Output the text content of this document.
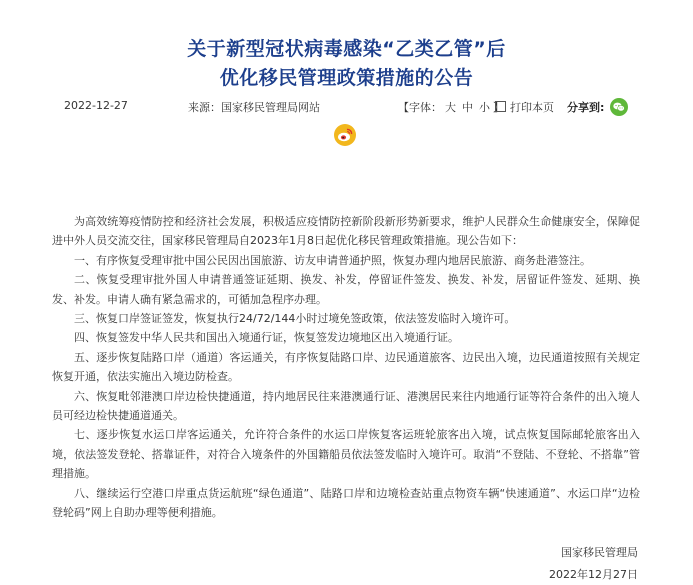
关于新型冠状病毒感染“乙类乙管”后
优化移民管理政策措施的公告
2022-12-27	来源：国家移民管理局网站	【字体： 大 中 小 】 打印本页 分享到:

为高效统筹疫情防控和经济社会发展，积极适应疫情防控新阶段新形势新要求，维护人民群众生命健康安全，保障促进中外人员交流交往，国家移民管理局自2023年1月8日起优化移民管理政策措施。现公告如下：

一、有序恢复受理审批中国公民因出国旅游、访友申请普通护照，恢复办理内地居民旅游、商务赴港签注。

二、恢复受理审批外国人申请普通签证延期、换发、补发，停留证件签发、换发、补发，居留证件签发、延期、换发、补发。申请人确有紧急需求的，可循加急程序办理。

三、恢复口岸签证签发，恢复执行24/72/144小时过境免签政策，依法签发临时入境许可。

四、恢复签发中华人民共和国出入境通行证，恢复签发边境地区出入境通行证。

五、逐步恢复陆路口岸（通道）客运通关，有序恢复陆路口岸、边民通道旅客、边民出入境，边民通道按照有关规定恢复开通，依法实施出入境边防检查。

六、恢复毗邻港澳口岸边检快捷通道，持内地居民往来港澳通行证、港澳居民来往内地通行证等符合条件的出入境人员可经边检快捷通道通关。

七、逐步恢复水运口岸客运通关，允许符合条件的水运口岸恢复客运班轮旅客出入境，试点恢复国际邮轮旅客出入境，依法签发登轮、搭靠证件，对符合入境条件的外国籍船员依法签发临时入境许可。取消“不登陆、不登轮、不搭靠”管理措施。

八、继续运行空港口岸重点货运航班“绿色通道”、陆路口岸和边境检查站重点物资车辆“快速通道”、水运口岸“边检登轮码”网上自助办理等便利措施。

国家移民管理局
2022年12月27日
